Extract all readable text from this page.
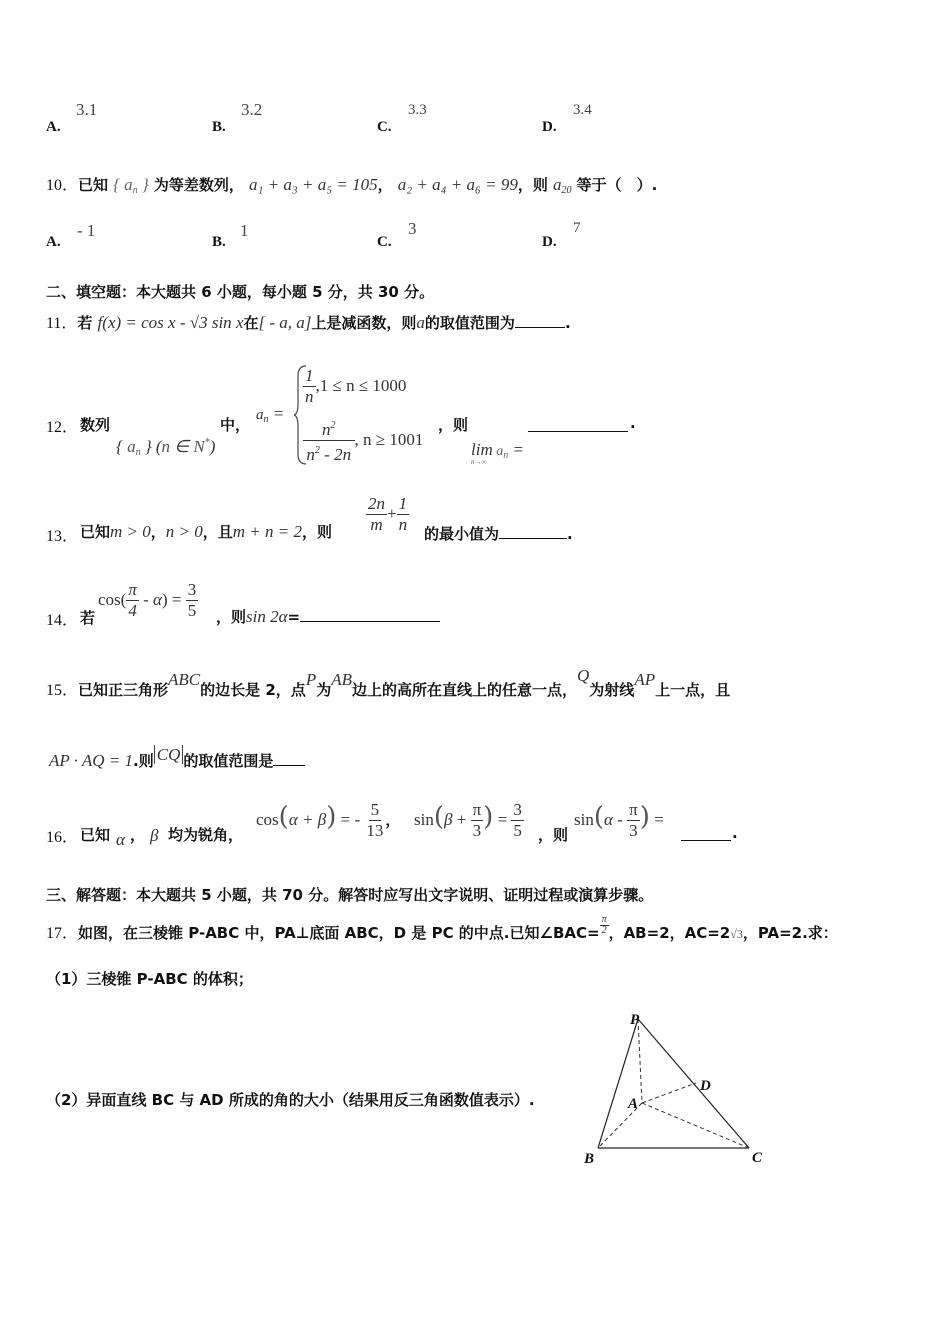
A.
3.1
B.
3.2
C.
3.3
D.
3.4
10．已知 { $a_n$ } 为等差数列， a₁ + a₃ + a₅ = 105， a₂ + a₄ + a₆ = 99，则 $a_{20}$ 等于（　）.
A.
- 1
B.
1
C.
3
D.
7
二、填空题：本大题共 6 小题，每小题 5 分，共 30 分。
11．若 f(x) = cos x - √3 sin x在[ - a, a]上是减函数，则a的取值范围为	.
12． 数列
{ $a_n$ } (n ∈ N*)
中，
$a_n$ =
$\frac{1}{n} ,1 \le n \le 1000$
$\frac{n^2}{n^2 - 2n}$ , n ≥ 1001
，则
$\lim a_n$ =
n→∞
.
13． 已知m > 0，n > 0，且m + n = 2，则 $\frac{2n}{m} + \frac{1}{n}$ 的最小值为	.
14． 若
$\cos( \frac{\pi}{4} - \alpha) = \frac{3}{5}$ ，则sin 2α=
15．已知正三角形ABC的边长是 2，点P为AB边上的高所在直线上的任意一点，Q为射线AP上一点，且
AP · AQ = 1.则 CQ 的取值范围是
16． 已知 α ， β 均为锐角，
cos(α + β) = - $\frac{5}{13}$ ， $\sin(\beta + \frac{\pi}{3}$ ) = $\frac{3}{5}$ ，则
$\sin(\alpha - \frac{\pi}{3}$ ) =
.
三、解答题：本大题共 5 小题，共 70 分。解答时应写出文字说明、证明过程或演算步骤。
17．如图，在三棱锥 P-ABC 中，PA⊥底面 ABC，D 是 PC 的中点.已知∠BAC= $\frac{\pi}{2}$ ，AB=2，AC=2√3，PA=2.求：
（1）三棱锥 P-ABC 的体积；
（2）异面直线 BC 与 AD 所成的角的大小（结果用反三角函数值表示）.
P
A
B	C
D
